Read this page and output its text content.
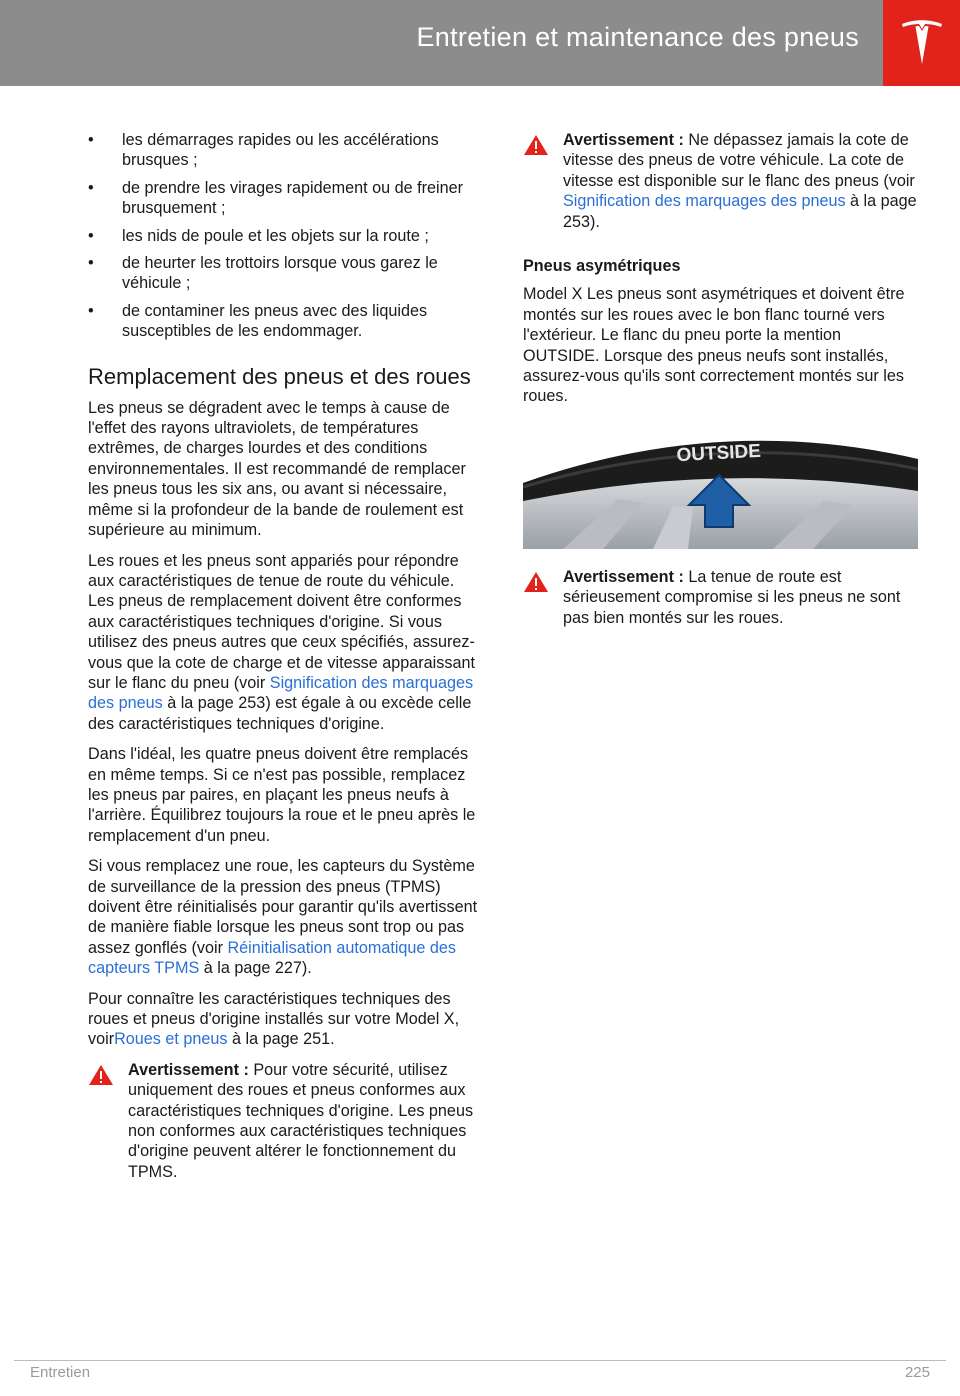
Entretien et maintenance des pneus
• les démarrages rapides ou les accélérations brusques ;
• de prendre les virages rapidement ou de freiner brusquement ;
• les nids de poule et les objets sur la route ;
• de heurter les trottoirs lorsque vous garez le véhicule ;
• de contaminer les pneus avec des liquides susceptibles de les endommager.
Remplacement des pneus et des roues

Les pneus se dégradent avec le temps à cause de l'effet des rayons ultraviolets, de températures extrêmes, de charges lourdes et des conditions environnementales. Il est recommandé de remplacer les pneus tous les six ans, ou avant si nécessaire, même si la profondeur de la bande de roulement est supérieure au minimum.

Les roues et les pneus sont appariés pour répondre aux caractéristiques de tenue de route du véhicule. Les pneus de remplacement doivent être conformes aux caractéristiques techniques d'origine. Si vous utilisez des pneus autres que ceux spécifiés, assurez-vous que la cote de charge et de vitesse apparaissant sur le flanc du pneu (voir Signification des marquages des pneus à la page 253) est égale à ou excède celle des caractéristiques techniques d'origine.

Dans l'idéal, les quatre pneus doivent être remplacés en même temps. Si ce n'est pas possible, remplacez les pneus par paires, en plaçant les pneus neufs à l'arrière. Équilibrez toujours la roue et le pneu après le remplacement d'un pneu.

Si vous remplacez une roue, les capteurs du Système de surveillance de la pression des pneus (TPMS) doivent être réinitialisés pour garantir qu'ils avertissent de manière fiable lorsque les pneus sont trop ou pas assez gonflés (voir Réinitialisation automatique des capteurs TPMS à la page 227).

Pour connaître les caractéristiques techniques des roues et pneus d'origine installés sur votre Model X, voirRoues et pneus à la page 251.

Avertissement : Pour votre sécurité, utilisez uniquement des roues et pneus conformes aux caractéristiques techniques d'origine. Les pneus non conformes aux caractéristiques techniques d'origine peuvent altérer le fonctionnement du TPMS.
Avertissement : Ne dépassez jamais la cote de vitesse des pneus de votre véhicule. La cote de vitesse est disponible sur le flanc des pneus (voir Signification des marquages des pneus à la page 253).
Pneus asymétriques

Model X Les pneus sont asymétriques et doivent être montés sur les roues avec le bon flanc tourné vers l'extérieur. Le flanc du pneu porte la mention OUTSIDE. Lorsque des pneus neufs sont installés, assurez-vous qu'ils sont correctement montés sur les roues.

OUTSIDE
Avertissement : La tenue de route est sérieusement compromise si les pneus ne sont pas bien montés sur les roues.
Entretien	225
